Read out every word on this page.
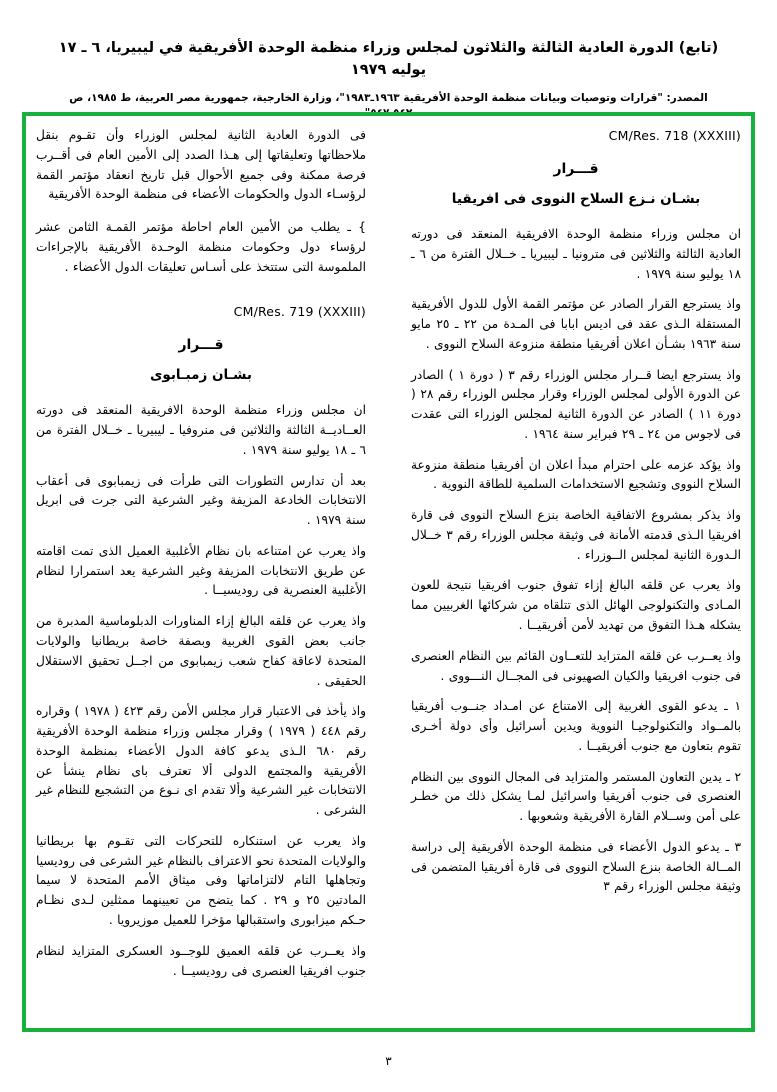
(تابع) الدورة العادية الثالثة والثلاثون لمجلس وزراء منظمة الوحدة الأفريقية في ليبيريا، ٦ ـ ١٧ يوليه ١٩٧٩
المصدر: "قرارات وتوصيات وبيانات منظمة الوحدة الأفريقية ١٩٦٣ـ١٩٨٣"، وزارة الخارجية، جمهورية مصر العربية، ط ١٩٨٥، ص ٥٤٢ـ٥٤٧"

فى الدورة العادية الثانية لمجلس الوزراء وأن تقـوم بنقل ملاحظاتها وتعليقاتها إلى هـذا الصدد إلى الأمين العام فى أقــرب فرصة ممكنة وفى جميع الأحوال قبل تاريخ انعقاد مؤتمر القمة لرؤسـاء الدول والحكومات الأعضاء فى منظمة الوحدة الأفريقية

} ـ يطلب من الأمين العام احاطة مؤتمر القمـة الثامن عشر لرؤساء دول وحكومات منظمة الوحـدة الأفريقية بالإجراءات الملموسة التى ستتخذ على أسـاس تعليقات الدول الأعضاء .

CM/Res. 719 (XXXIII)
قـــرار
بشـان زمبـابوى

ان مجلس وزراء منظمة الوحدة الافريقية المنعقد فى دورته العــاديــة الثالثة والثلاثين فى منروفيا ـ ليبيريا ـ خــلال الفترة من ٦ ـ ١٨ يوليو سنة ١٩٧٩ .

بعد أن تدارس التطورات التى طرأت فى زيمبابوى فى أعقاب الانتخابات الخادعة المزيفة وغير الشرعية التى جرت فى ابريل سنة ١٩٧٩ .

واذ يعرب عن امتناعه بان نظام الأغلبية العميل الذى تمت اقامته عن طريق الانتخابات المزيفة وغير الشرعية يعد استمرارا لنظام الأغلبية العنصرية فى روديسيــا .

واذ يعرب عن قلقه البالغ إزاء المناورات الدبلوماسية المدبرة من جانب بعض القوى الغربية وبصفة خاصة بريطانيا والولايات المتحدة لاعاقة كفاح شعب زيمبابوى من اجــل تحقيق الاستقلال الحقيقى .

واذ يأخذ فى الاعتبار قرار مجلس الأمن رقم ٤٢٣ ( ١٩٧٨ ) وقراره رقم ٤٤٨ ( ١٩٧٩ ) وقرار مجلس وزراء منظمة الوحدة الأفريقية رقم ٦٨٠ الـذى يدعو كافة الدول الأعضاء بمنظمة الوحدة الأفريقية والمجتمع الدولى ألا تعترف باى نظام ينشأ عن الانتخابات غير الشرعية وألا تقدم اى نـوع من التشجيع للنظام غير الشرعى .

واذ يعرب عن استنكاره للتحركات التى تقـوم بها بريطانيا والولايات المتحدة نحو الاعتراف بالنظام غير الشرعى فى روديسيا وتجاهلها التام لالتزاماتها وفى ميثاق الأمم المتحدة لا سيما المادتين ٢٥ و ٢٩ . كما يتضح من تعيينهما ممثلين لـدى نظـام حـكم ميزابورى واستقبالها مؤخرا للعميل موزيرويا .

واذ يعــرب عن قلقه العميق للوجــود العسكرى المتزايد لنظام جنوب افريقيا العنصرى فى روديسيــا .

CM/Res. 718 (XXXIII)
قـــرار
بشـان نـزع السلاح النووى فى افريقيا

ان مجلس وزراء منظمة الوحدة الافريقية المنعقد فى دورته العادية الثالثة والثلاثين فى مترونيا ـ ليبيريا ـ خــلال الفترة من ٦ ـ ١٨ يوليو سنة ١٩٧٩ .

واذ يسترجع القرار الصادر عن مؤتمر القمة الأول للدول الأفريقية المستقلة الـذى عقد فى اديس ابابا فى المـدة من ٢٢ ـ ٢٥ مايو سنة ١٩٦٣ بشـأن اعلان أفريقيا منطقة منزوعة السلاح النووى .

واذ يسترجع ايضا قــرار مجلس الوزراء رقم ٣ ( دورة ١ ) الصادر عن الدورة الأولى لمجلس الوزراء وقرار مجلس الوزراء رقم ٢٨ ( دورة ١١ ) الصادر عن الدورة الثانية لمجلس الوزراء التى عقدت فى لاجوس من ٢٤ ـ ٢٩ فبراير سنة ١٩٦٤ .

واذ يؤكد عزمه على احترام مبدأ اعلان ان أفريقيا منطقة منزوعة السلاح النووى وتشجيع الاستخدامات السلمية للطاقة النووية .

واذ يذكر بمشروع الاتفاقية الخاصة بنزع السلاح النووى فى قارة افريقيا الـذى قدمته الأمانة فى وثيقة مجلس الوزراء رقم ٣ خــلال الـدورة الثانية لمجلس الــوزراء .

واذ يعرب عن قلقه البالغ إزاء تفوق جنوب افريقيا نتيجة للعون المـادى والتكنولوجى الهائل الذى تتلقاه من شركائها الغربيين مما يشكله هـذا التفوق من تهديد لأمن أفريقيــا .

واذ يعــرب عن قلقه المتزايد للتعــاون القائم بين النظام العنصرى فى جنوب افريقيا والكيان الصهيونى فى المجــال النـــووى .

١ ـ يدعو القوى الغربية إلى الامتناع عن امـداد جنــوب أفريقيا بالمــواد والتكنولوجيـا النووية ويدين أسرائيل وأى دولة أخـرى تقوم بتعاون مع جنوب أفريقيــا .

٢ ـ يدين التعاون المستمر والمتزايد فى المجال النووى بين النظام العنصرى فى جنوب أفريقيا واسرائيل لمـا يشكل ذلك من خطـر على أمن وســلام القارة الأفريقية وشعوبها .

٣ ـ يدعو الدول الأعضاء فى منظمة الوحدة الأفريقية إلى دراسة المــالة الخاصة بنزع السلاح النووى فى قارة أفريقيا المتضمن فى وثيقة مجلس الوزراء رقم ٣

٣
